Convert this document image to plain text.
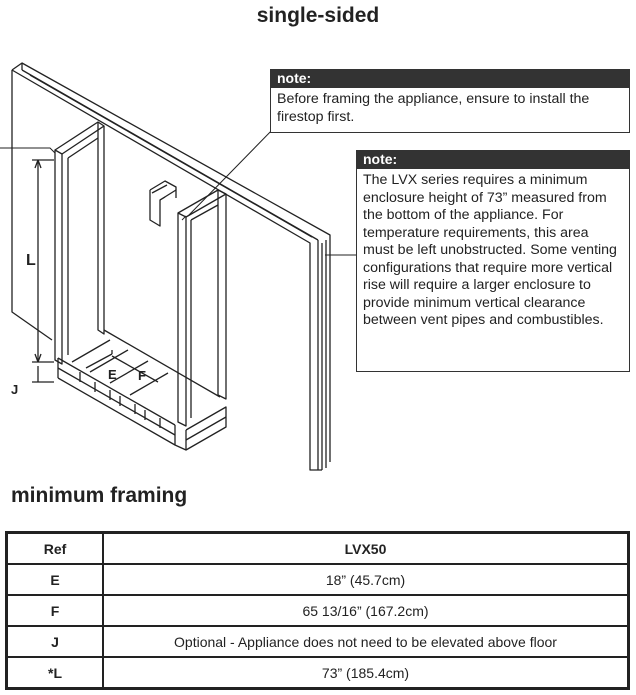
single-sided
L
J
E F
note:
Before framing the appliance, ensure to install the firestop first.
note:
The LVX series requires a minimum enclosure height of 73” measured from the bottom of the appliance. For temperature requirements, this area must be left unobstructed. Some venting configurations that require more vertical rise will require a larger enclosure to provide minimum vertical clearance between vent pipes and combustibles.
minimum framing
Ref	LVX50
E	18” (45.7cm)
F	65 13/16” (167.2cm)
J	Optional - Appliance does not need to be elevated above floor
*L	73” (185.4cm)
